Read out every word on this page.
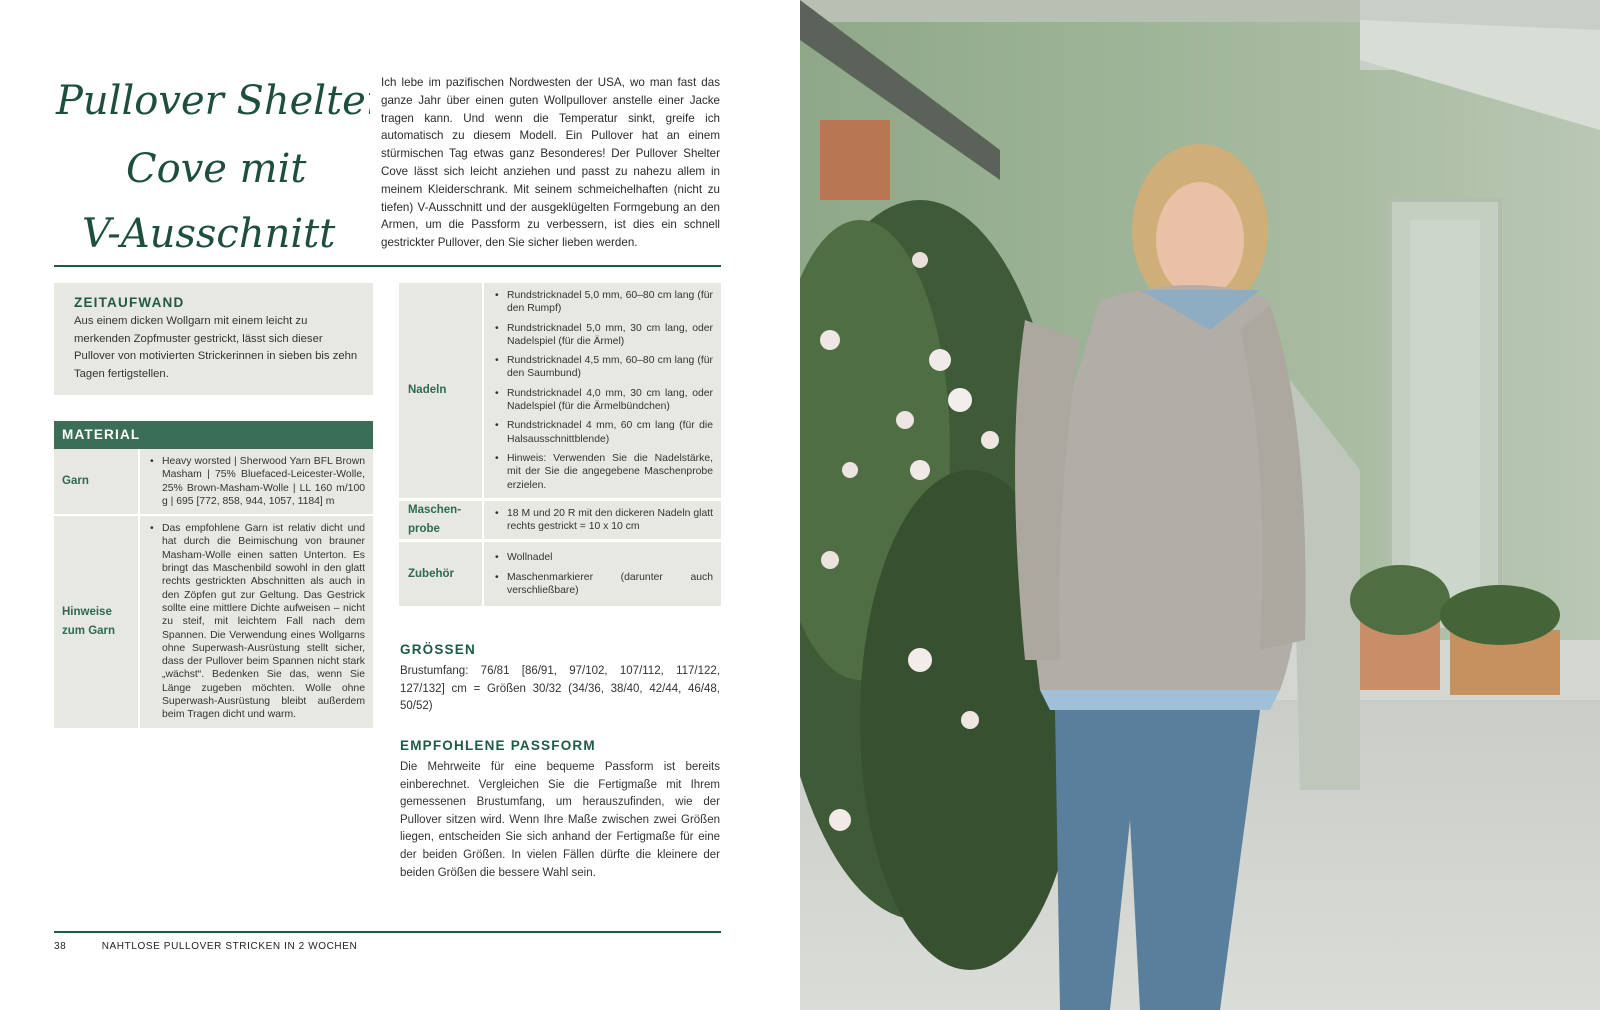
Pullover Shelter
Cove mit
V-Ausschnitt
Ich lebe im pazifischen Nordwesten der USA, wo man fast das ganze Jahr über einen guten Wollpullover anstelle einer Jacke tragen kann. Und wenn die Temperatur sinkt, greife ich automatisch zu diesem Modell. Ein Pullover hat an einem stürmischen Tag etwas ganz Besonderes! Der Pullover Shelter Cove lässt sich leicht anziehen und passt zu nahezu allem in meinem Kleiderschrank. Mit seinem schmeichelhaften (nicht zu tiefen) V-Ausschnitt und der ausgeklügelten Formgebung an den Armen, um die Passform zu verbessern, ist dies ein schnell gestrickter Pullover, den Sie sicher lieben werden.
ZEITAUFWAND
Aus einem dicken Wollgarn mit einem leicht zu merkenden Zopfmuster gestrickt, lässt sich dieser Pullover von motivierten Strickerinnen in sieben bis zehn Tagen fertigstellen.
MATERIAL
Garn
• Heavy worsted | Sherwood Yarn BFL Brown Masham | 75% Bluefaced-Leicester-Wolle, 25% Brown-Masham-Wolle | LL 160 m/100 g | 695 [772, 858, 944, 1057, 1184] m
Hinweise zum Garn
• Das empfohlene Garn ist relativ dicht und hat durch die Beimischung von brauner Masham-Wolle einen satten Unterton. Es bringt das Maschenbild sowohl in den glatt rechts gestrickten Abschnitten als auch in den Zöpfen gut zur Geltung. Das Gestrick sollte eine mittlere Dichte aufweisen – nicht zu steif, mit leichtem Fall nach dem Spannen. Die Verwendung eines Wollgarns ohne Superwash-Ausrüstung stellt sicher, dass der Pullover beim Spannen nicht stark „wächst“. Bedenken Sie das, wenn Sie Länge zugeben möchten. Wolle ohne Superwash-Ausrüstung bleibt außerdem beim Tragen dicht und warm.
Nadeln
• Rundstricknadel 5,0 mm, 60–80 cm lang (für den Rumpf)
• Rundstricknadel 5,0 mm, 30 cm lang, oder Nadelspiel (für die Ärmel)
• Rundstricknadel 4,5 mm, 60–80 cm lang (für den Saumbund)
• Rundstricknadel 4,0 mm, 30 cm lang, oder Nadelspiel (für die Ärmelbündchen)
• Rundstricknadel 4 mm, 60 cm lang (für die Halsausschnittblende)
• Hinweis: Verwenden Sie die Nadelstärke, mit der Sie die angegebene Maschenprobe erzielen.
Maschen-probe
• 18 M und 20 R mit den dickeren Nadeln glatt rechts gestrickt = 10 x 10 cm
Zubehör
• Wollnadel
• Maschenmarkierer (darunter auch verschließbare)
GRÖSSEN
Brustumfang: 76/81 [86/91, 97/102, 107/112, 117/122, 127/132] cm = Größen 30/32 (34/36, 38/40, 42/44, 46/48, 50/52)
EMPFOHLENE PASSFORM
Die Mehrweite für eine bequeme Passform ist bereits einberechnet. Vergleichen Sie die Fertigmaße mit Ihrem gemessenen Brustumfang, um herauszufinden, wie der Pullover sitzen wird. Wenn Ihre Maße zwischen zwei Größen liegen, entscheiden Sie sich anhand der Fertigmaße für eine der beiden Größen. In vielen Fällen dürfte die kleinere der beiden Größen die bessere Wahl sein.
38	NAHTLOSE PULLOVER STRICKEN IN 2 WOCHEN
